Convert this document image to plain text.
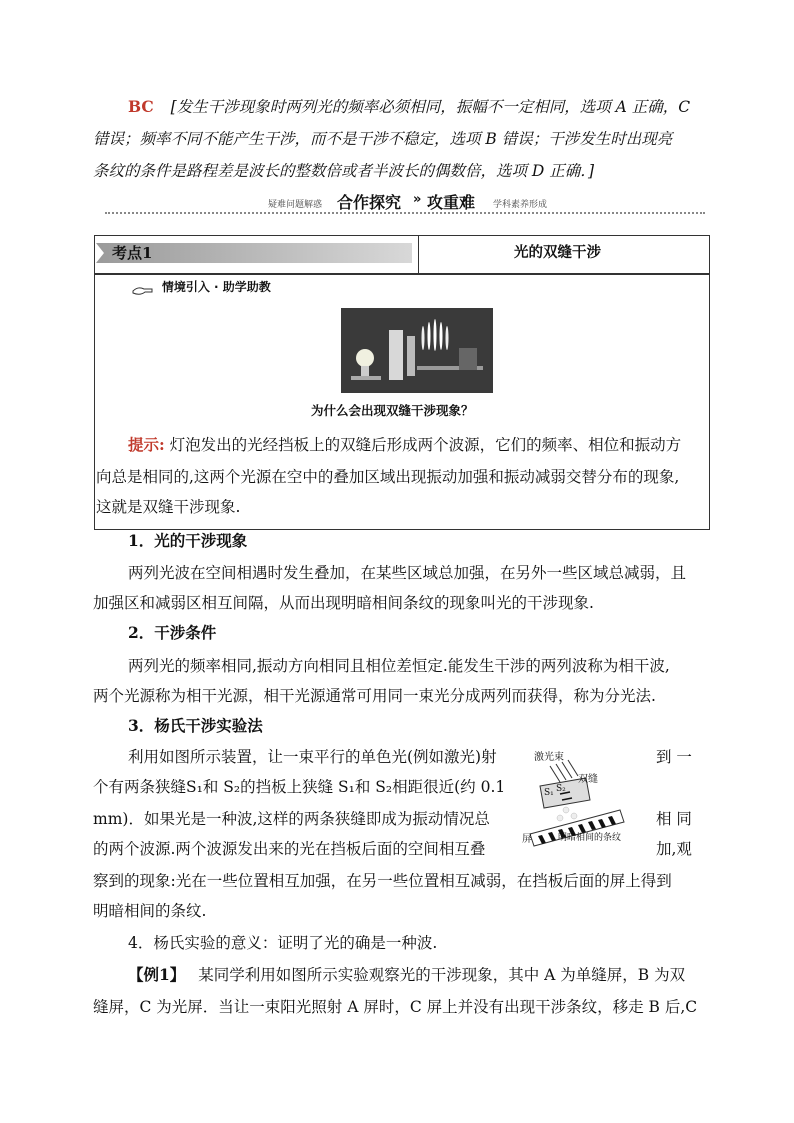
BC [发生干涉现象时两列光的频率必须相同，振幅不一定相同，选项 A 正确，C
错误；频率不同不能产生干涉，而不是干涉不稳定，选项 B 错误；干涉发生时出现亮
条纹的条件是路程差是波长的整数倍或者半波长的偶数倍，选项 D 正确．]
疑难问题解惑 合作探究 » 攻重难 学科素养形成
考点1	光的双缝干涉
情境引入 · 助学助教
为什么会出现双缝干涉现象？
提示: 灯泡发出的光经挡板上的双缝后形成两个波源，它们的频率、相位和振动方
向总是相同的,这两个光源在空中的叠加区域出现振动加强和振动减弱交替分布的现象,
这就是双缝干涉现象.
1．光的干涉现象
两列光波在空间相遇时发生叠加，在某些区域总加强，在另外一些区域总减弱，且
加强区和减弱区相互间隔，从而出现明暗相间条纹的现象叫光的干涉现象.
2．干涉条件
两列光的频率相同,振动方向相同且相位差恒定.能发生干涉的两列波称为相干波,
两个光源称为相干光源，相干光源通常可用同一束光分成两列而获得，称为分光法.
3．杨氏干涉实验法
利用如图所示装置，让一束平行的单色光(例如激光)射	到 一
个有两条狭缝S₁和 S₂的挡板上狭缝 S₁和 S₂相距很近(约 0.1
mm)．如果光是一种波,这样的两条狭缝即成为振动情况总	相 同
的两个波源.两个波源发出来的光在挡板后面的空间相互叠	加,观
察到的现象:光在一些位置相互加强，在另一些位置相互减弱，在挡板后面的屏上得到
明暗相间的条纹.
激光束
双缝
S₁ S₂
屏	明暗相间的条纹
4．杨氏实验的意义：证明了光的确是一种波.
【例1】 某同学利用如图所示实验观察光的干涉现象，其中 A 为单缝屏，B 为双
缝屏，C 为光屏．当让一束阳光照射 A 屏时，C 屏上并没有出现干涉条纹，移走 B 后,C
